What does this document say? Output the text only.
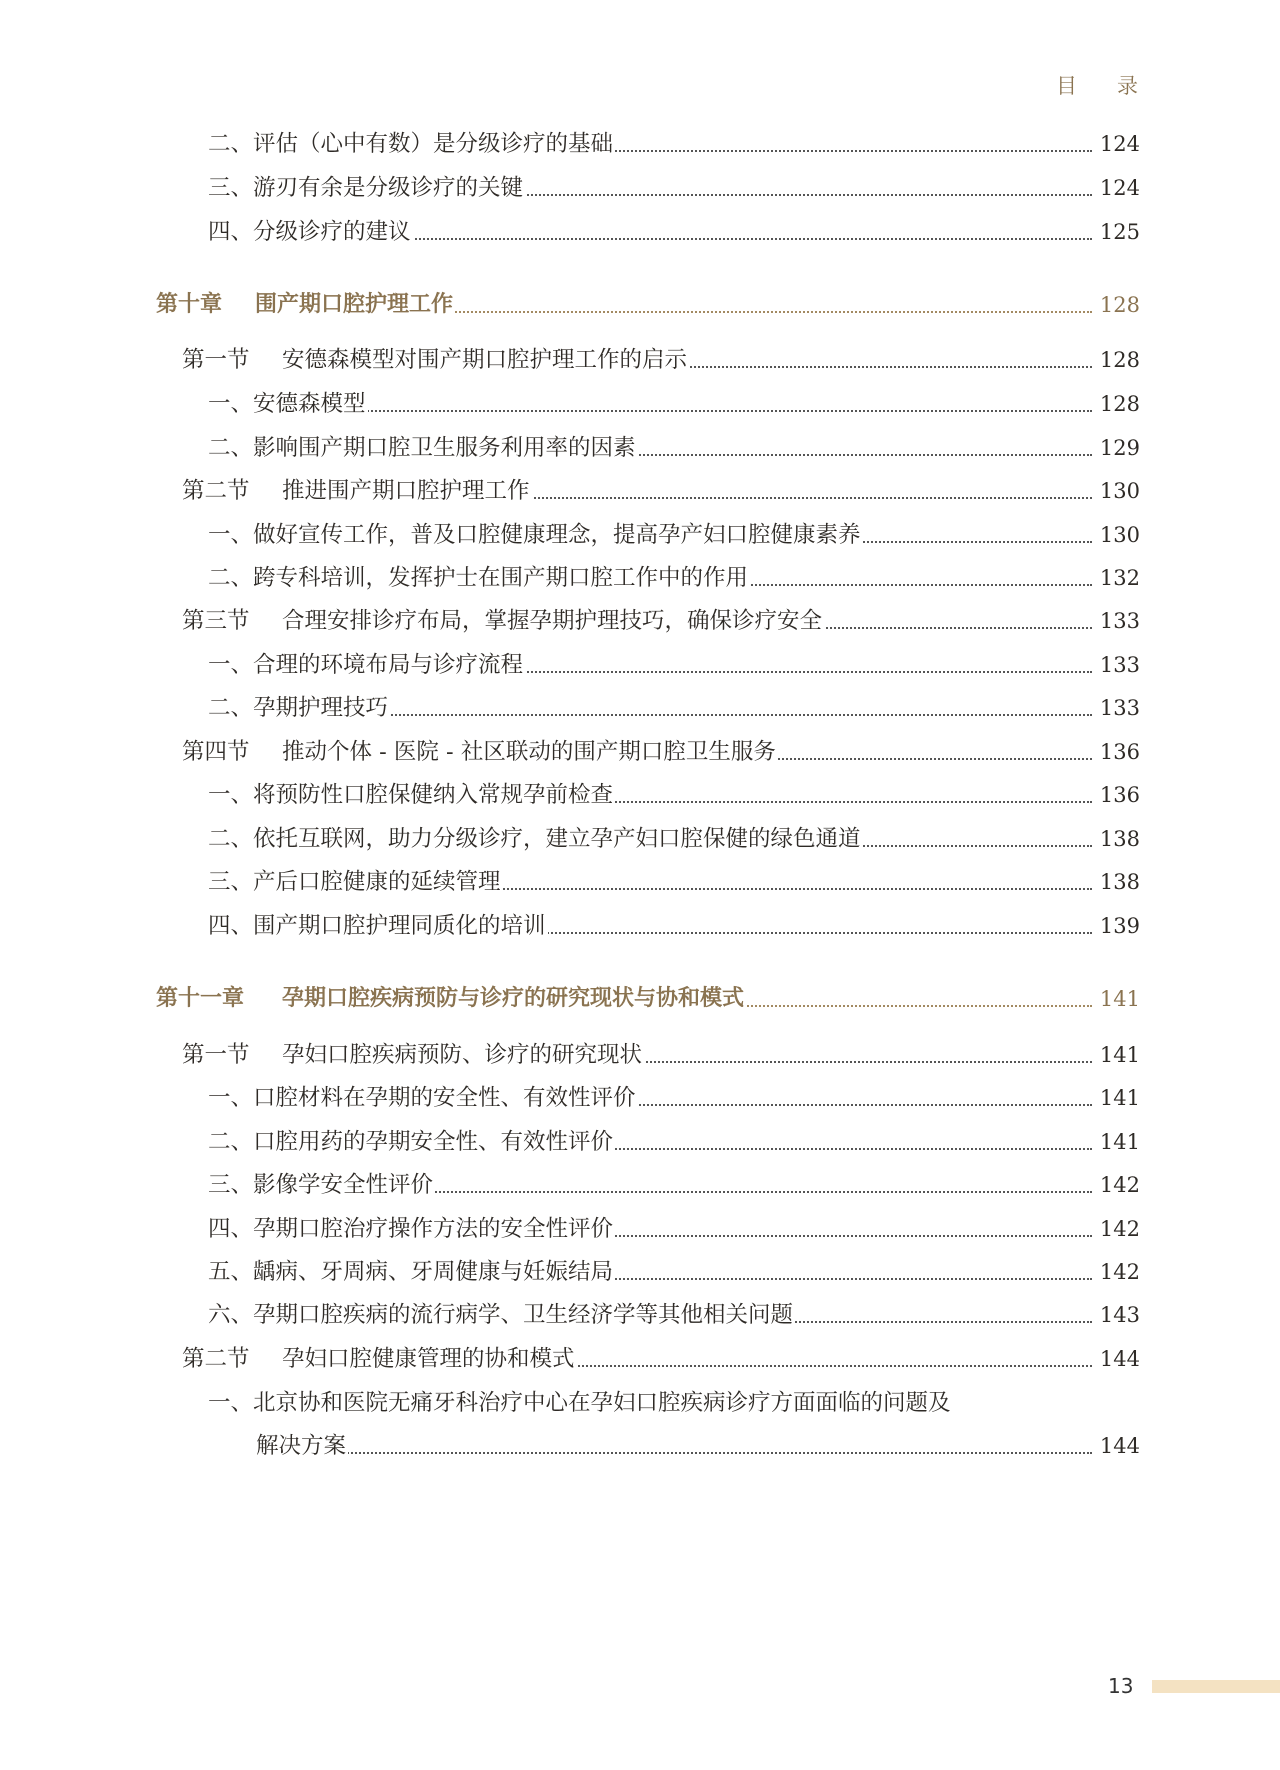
目 录
二、评估（心中有数）是分级诊疗的基础	124
三、游刃有余是分级诊疗的关键	124
四、分级诊疗的建议	125
第十章 围产期口腔护理工作	128
第一节 安德森模型对围产期口腔护理工作的启示	128
一、安德森模型	128
二、影响围产期口腔卫生服务利用率的因素	129
第二节 推进围产期口腔护理工作	130
一、做好宣传工作，普及口腔健康理念，提高孕产妇口腔健康素养	130
二、跨专科培训，发挥护士在围产期口腔工作中的作用	132
第三节 合理安排诊疗布局，掌握孕期护理技巧，确保诊疗安全	133
一、合理的环境布局与诊疗流程	133
二、孕期护理技巧	133
第四节 推动个体 - 医院 - 社区联动的围产期口腔卫生服务	136
一、将预防性口腔保健纳入常规孕前检查	136
二、依托互联网，助力分级诊疗，建立孕产妇口腔保健的绿色通道	138
三、产后口腔健康的延续管理	138
四、围产期口腔护理同质化的培训	139
第十一章 孕期口腔疾病预防与诊疗的研究现状与协和模式	141
第一节 孕妇口腔疾病预防、诊疗的研究现状	141
一、口腔材料在孕期的安全性、有效性评价	141
二、口腔用药的孕期安全性、有效性评价	141
三、影像学安全性评价	142
四、孕期口腔治疗操作方法的安全性评价	142
五、龋病、牙周病、牙周健康与妊娠结局	142
六、孕期口腔疾病的流行病学、卫生经济学等其他相关问题	143
第二节 孕妇口腔健康管理的协和模式	144
一、北京协和医院无痛牙科治疗中心在孕妇口腔疾病诊疗方面面临的问题及
解决方案	144
13
